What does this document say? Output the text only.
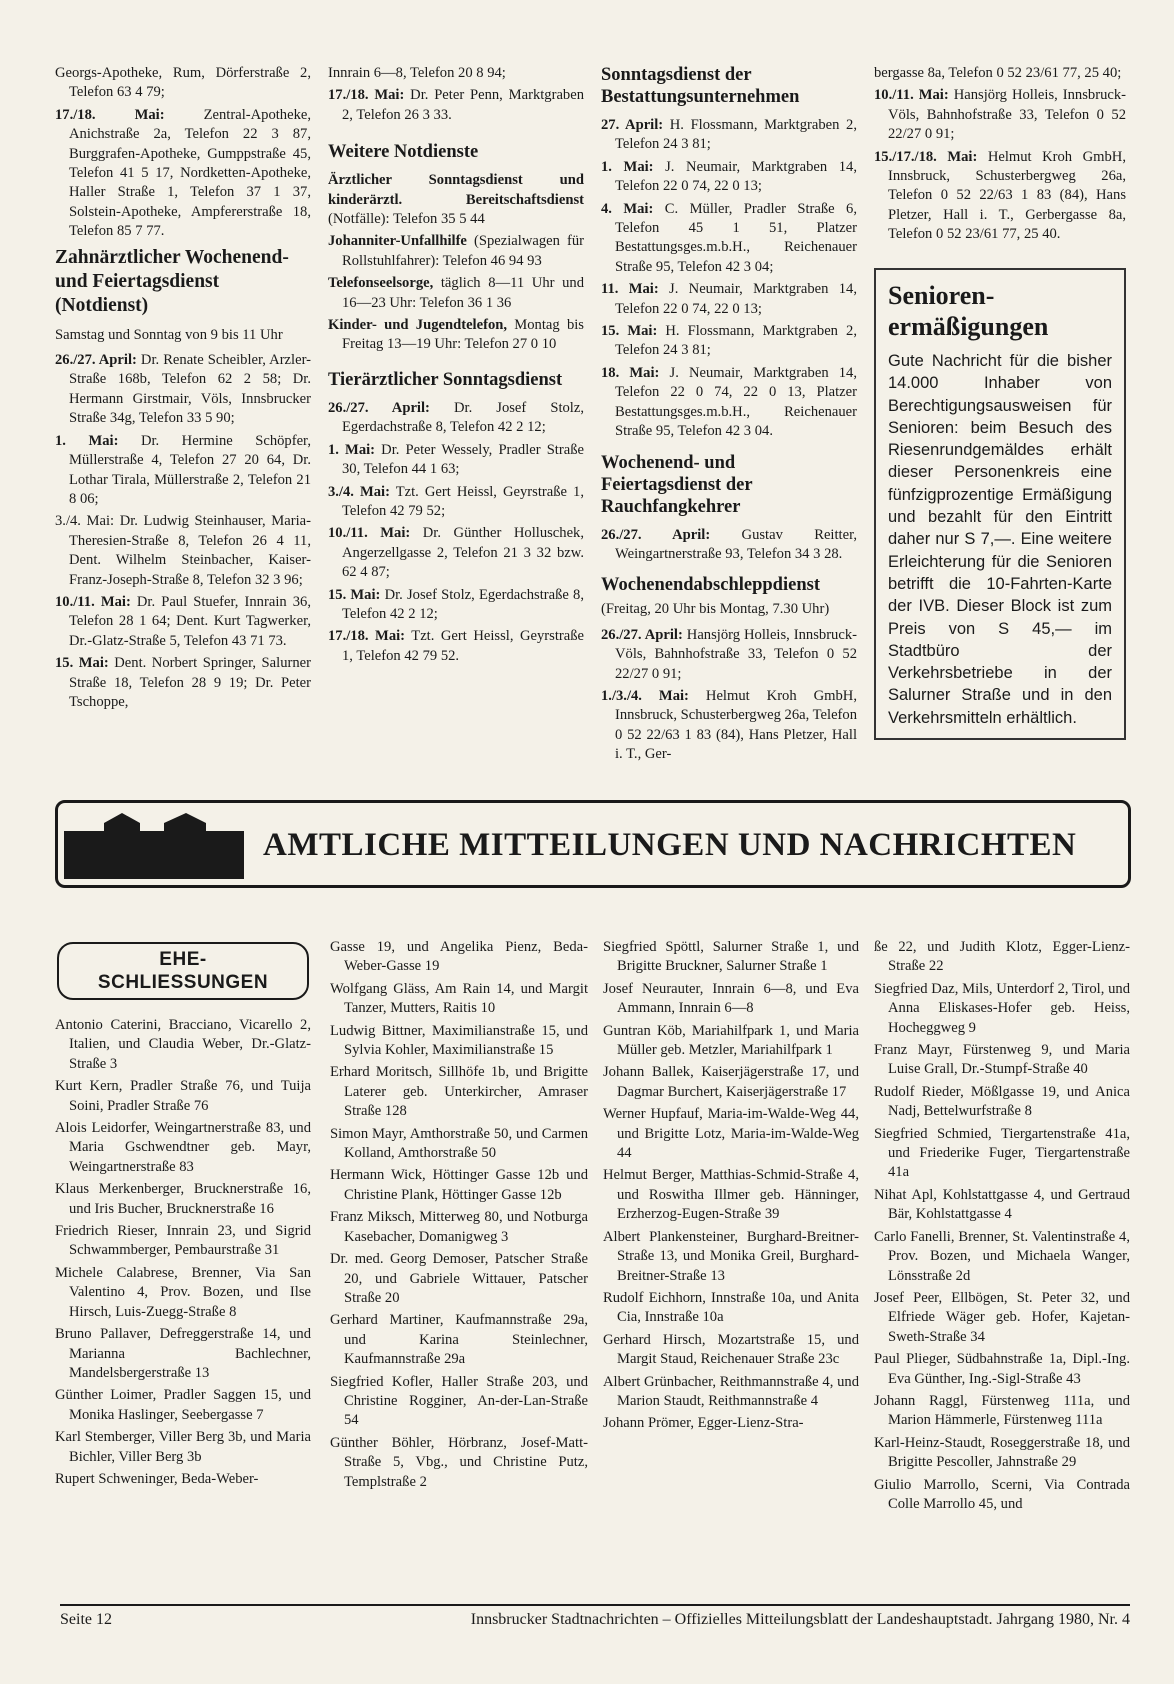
Georgs-Apotheke, Rum, Dörferstraße 2, Telefon 63 4 79;

17./18. Mai: Zentral-Apotheke, Anichstraße 2a, Telefon 22 3 87, Burggrafen-Apotheke, Gumppstraße 45, Telefon 41 5 17, Nordketten-Apotheke, Haller Straße 1, Telefon 37 1 37, Solstein-Apotheke, Ampfererstraße 18, Telefon 85 7 77.

Zahnärztlicher Wochenend- und Feiertagsdienst (Notdienst)

Samstag und Sonntag von 9 bis 11 Uhr

26./27. April: Dr. Renate Scheibler, Arzler-Straße 168b, Telefon 62 2 58; Dr. Hermann Girstmair, Völs, Innsbrucker Straße 34g, Telefon 33 5 90;

1. Mai: Dr. Hermine Schöpfer, Müllerstraße 4, Telefon 27 20 64, Dr. Lothar Tirala, Müllerstraße 2, Telefon 21 8 06;

3./4. Mai: Dr. Ludwig Steinhauser, Maria-Theresien-Straße 8, Telefon 26 4 11, Dent. Wilhelm Steinbacher, Kaiser-Franz-Joseph-Straße 8, Telefon 32 3 96;

10./11. Mai: Dr. Paul Stuefer, Innrain 36, Telefon 28 1 64; Dent. Kurt Tagwerker, Dr.-Glatz-Straße 5, Telefon 43 71 73.

15. Mai: Dent. Norbert Springer, Salurner Straße 18, Telefon 28 9 19; Dr. Peter Tschoppe,

Innrain 6—8, Telefon 20 8 94;

17./18. Mai: Dr. Peter Penn, Marktgraben 2, Telefon 26 3 33.

Weitere Notdienste

Ärztlicher Sonntagsdienst und kinderärztl. Bereitschaftsdienst (Notfälle): Telefon 35 5 44

Johanniter-Unfallhilfe (Spezialwagen für Rollstuhlfahrer): Telefon 46 94 93

Telefonseelsorge, täglich 8—11 Uhr und 16—23 Uhr: Telefon 36 1 36

Kinder- und Jugendtelefon, Montag bis Freitag 13—19 Uhr: Telefon 27 0 10

Tierärztlicher Sonntagsdienst

26./27. April: Dr. Josef Stolz, Egerdachstraße 8, Telefon 42 2 12;

1. Mai: Dr. Peter Wessely, Pradler Straße 30, Telefon 44 1 63;

3./4. Mai: Tzt. Gert Heissl, Geyrstraße 1, Telefon 42 79 52;

10./11. Mai: Dr. Günther Holluschek, Angerzellgasse 2, Telefon 21 3 32 bzw. 62 4 87;

15. Mai: Dr. Josef Stolz, Egerdachstraße 8, Telefon 42 2 12;

17./18. Mai: Tzt. Gert Heissl, Geyrstraße 1, Telefon 42 79 52.

Sonntagsdienst der Bestattungsunternehmen

27. April: H. Flossmann, Marktgraben 2, Telefon 24 3 81;

1. Mai: J. Neumair, Marktgraben 14, Telefon 22 0 74, 22 0 13;

4. Mai: C. Müller, Pradler Straße 6, Telefon 45 1 51, Platzer Bestattungsges.m.b.H., Reichenauer Straße 95, Telefon 42 3 04;

11. Mai: J. Neumair, Marktgraben 14, Telefon 22 0 74, 22 0 13;

15. Mai: H. Flossmann, Marktgraben 2, Telefon 24 3 81;

18. Mai: J. Neumair, Marktgraben 14, Telefon 22 0 74, 22 0 13, Platzer Bestattungsges.m.b.H., Reichenauer Straße 95, Telefon 42 3 04.

Wochenend- und Feiertagsdienst der Rauchfangkehrer

26./27. April: Gustav Reitter, Weingartnerstraße 93, Telefon 34 3 28.

Wochenendabschleppdienst

(Freitag, 20 Uhr bis Montag, 7.30 Uhr)

26./27. April: Hansjörg Holleis, Innsbruck-Völs, Bahnhofstraße 33, Telefon 0 52 22/27 0 91;

1./3./4. Mai: Helmut Kroh GmbH, Innsbruck, Schusterbergweg 26a, Telefon 0 52 22/63 1 83 (84), Hans Pletzer, Hall i. T., Ger-

bergasse 8a, Telefon 0 52 23/61 77, 25 40;

10./11. Mai: Hansjörg Holleis, Innsbruck-Völs, Bahnhofstraße 33, Telefon 0 52 22/27 0 91;

15./17./18. Mai: Helmut Kroh GmbH, Innsbruck, Schusterbergweg 26a, Telefon 0 52 22/63 1 83 (84), Hans Pletzer, Hall i. T., Gerbergasse 8a, Telefon 0 52 23/61 77, 25 40.

Senioren-ermäßigungen
Gute Nachricht für die bisher 14.000 Inhaber von Berechtigungsausweisen für Senioren: beim Besuch des Riesenrundgemäldes erhält dieser Personenkreis eine fünfzigprozentige Ermäßigung und bezahlt für den Eintritt daher nur S 7,—. Eine weitere Erleichterung für die Senioren betrifft die 10-Fahrten-Karte der IVB. Dieser Block ist zum Preis von S 45,— im Stadtbüro der Verkehrsbetriebe in der Salurner Straße und in den Verkehrsmitteln erhältlich.
AMTLICHE MITTEILUNGEN UND NACHRICHTEN
EHE-
SCHLIESSUNGEN

Antonio Caterini, Bracciano, Vicarello 2, Italien, und Claudia Weber, Dr.-Glatz-Straße 3

Kurt Kern, Pradler Straße 76, und Tuija Soini, Pradler Straße 76

Alois Leidorfer, Weingartnerstraße 83, und Maria Gschwendtner geb. Mayr, Weingartnerstraße 83

Klaus Merkenberger, Brucknerstraße 16, und Iris Bucher, Brucknerstraße 16

Friedrich Rieser, Innrain 23, und Sigrid Schwammberger, Pembaurstraße 31

Michele Calabrese, Brenner, Via San Valentino 4, Prov. Bozen, und Ilse Hirsch, Luis-Zuegg-Straße 8

Bruno Pallaver, Defreggerstraße 14, und Marianna Bachlechner, Mandelsbergerstraße 13

Günther Loimer, Pradler Saggen 15, und Monika Haslinger, Seebergasse 7

Karl Stemberger, Viller Berg 3b, und Maria Bichler, Viller Berg 3b

Rupert Schweninger, Beda-Weber-

Gasse 19, und Angelika Pienz, Beda-Weber-Gasse 19

Wolfgang Gläss, Am Rain 14, und Margit Tanzer, Mutters, Raitis 10

Ludwig Bittner, Maximilianstraße 15, und Sylvia Kohler, Maximilianstraße 15

Erhard Moritsch, Sillhöfe 1b, und Brigitte Laterer geb. Unterkircher, Amraser Straße 128

Simon Mayr, Amthorstraße 50, und Carmen Kolland, Amthorstraße 50

Hermann Wick, Höttinger Gasse 12b und Christine Plank, Höttinger Gasse 12b

Franz Miksch, Mitterweg 80, und Notburga Kasebacher, Domanigweg 3

Dr. med. Georg Demoser, Patscher Straße 20, und Gabriele Wittauer, Patscher Straße 20

Gerhard Martiner, Kaufmannstraße 29a, und Karina Steinlechner, Kaufmannstraße 29a

Siegfried Kofler, Haller Straße 203, und Christine Rogginer, An-der-Lan-Straße 54

Günther Böhler, Hörbranz, Josef-Matt-Straße 5, Vbg., und Christine Putz, Templstraße 2

Siegfried Spöttl, Salurner Straße 1, und Brigitte Bruckner, Salurner Straße 1

Josef Neurauter, Innrain 6—8, und Eva Ammann, Innrain 6—8

Guntran Köb, Mariahilfpark 1, und Maria Müller geb. Metzler, Mariahilfpark 1

Johann Ballek, Kaiserjägerstraße 17, und Dagmar Burchert, Kaiserjägerstraße 17

Werner Hupfauf, Maria-im-Walde-Weg 44, und Brigitte Lotz, Maria-im-Walde-Weg 44

Helmut Berger, Matthias-Schmid-Straße 4, und Roswitha Illmer geb. Hänninger, Erzherzog-Eugen-Straße 39

Albert Plankensteiner, Burghard-Breitner-Straße 13, und Monika Greil, Burghard-Breitner-Straße 13

Rudolf Eichhorn, Innstraße 10a, und Anita Cia, Innstraße 10a

Gerhard Hirsch, Mozartstraße 15, und Margit Staud, Reichenauer Straße 23c

Albert Grünbacher, Reithmannstraße 4, und Marion Staudt, Reithmannstraße 4

Johann Prömer, Egger-Lienz-Stra-

ße 22, und Judith Klotz, Egger-Lienz-Straße 22

Siegfried Daz, Mils, Unterdorf 2, Tirol, und Anna Eliskases-Hofer geb. Heiss, Hocheggweg 9

Franz Mayr, Fürstenweg 9, und Maria Luise Grall, Dr.-Stumpf-Straße 40

Rudolf Rieder, Mößlgasse 19, und Anica Nadj, Bettelwurfstraße 8

Siegfried Schmied, Tiergartenstraße 41a, und Friederike Fuger, Tiergartenstraße 41a

Nihat Apl, Kohlstattgasse 4, und Gertraud Bär, Kohlstattgasse 4

Carlo Fanelli, Brenner, St. Valentinstraße 4, Prov. Bozen, und Michaela Wanger, Lönsstraße 2d

Josef Peer, Ellbögen, St. Peter 32, und Elfriede Wäger geb. Hofer, Kajetan-Sweth-Straße 34

Paul Plieger, Südbahnstraße 1a, Dipl.-Ing. Eva Günther, Ing.-Sigl-Straße 43

Johann Raggl, Fürstenweg 111a, und Marion Hämmerle, Fürstenweg 111a

Karl-Heinz-Staudt, Roseggerstraße 18, und Brigitte Pescoller, Jahnstraße 29

Giulio Marrollo, Scerni, Via Contrada Colle Marrollo 45, und

Seite 12	Innsbrucker Stadtnachrichten – Offizielles Mitteilungsblatt der Landeshauptstadt. Jahrgang 1980, Nr. 4
